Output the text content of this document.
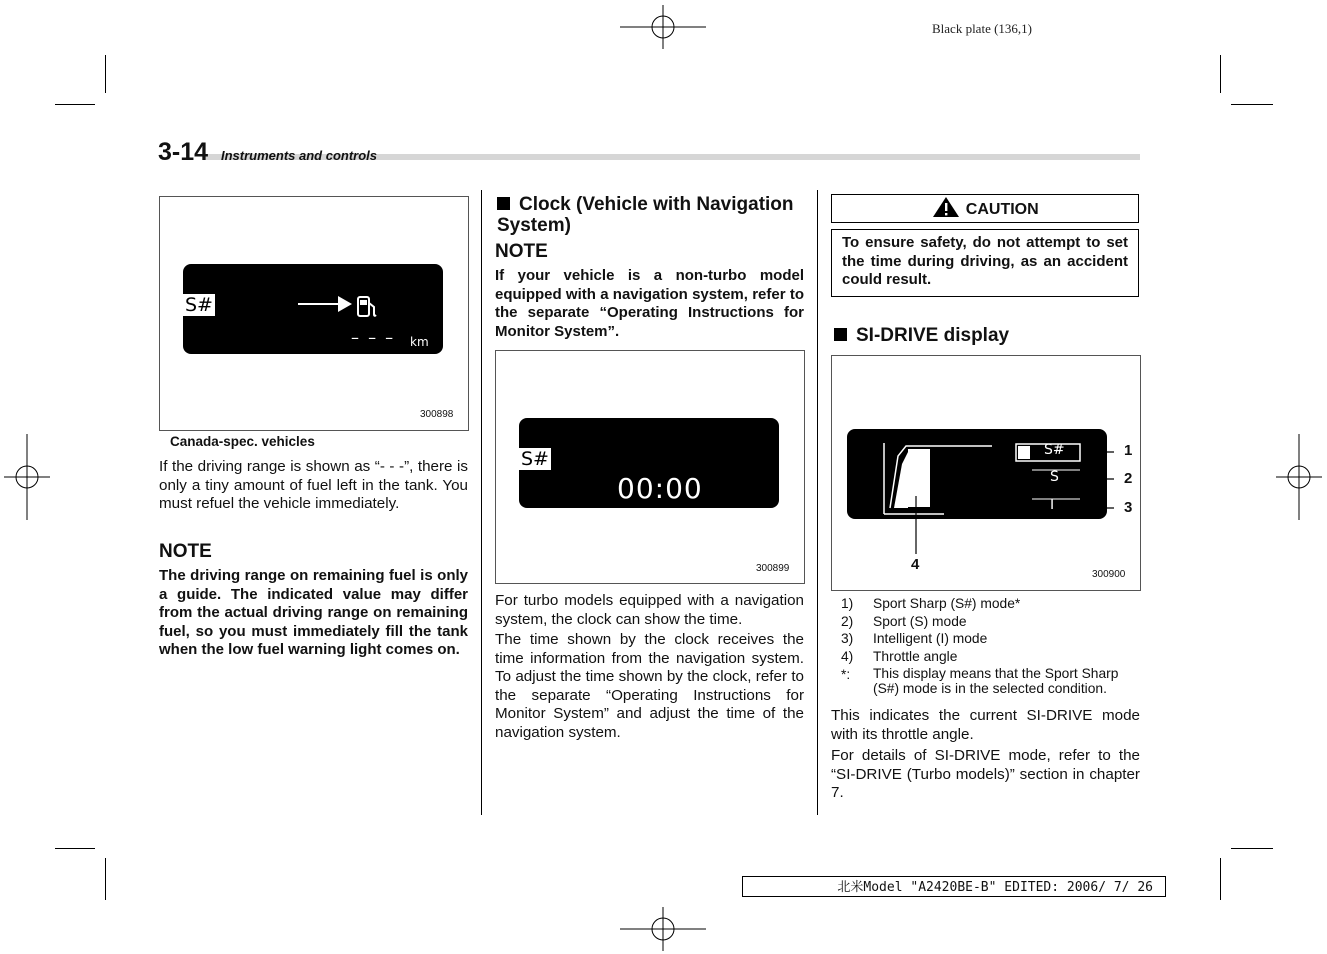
Black plate (136,1)
3-14 Instruments and controls
S#
– – – km
300898
Canada-spec. vehicles
If the driving range is shown as “- - -”, there is only a tiny amount of fuel left in the tank. You must refuel the vehicle immediately.
NOTE
The driving range on remaining fuel is only a guide. The indicated value may differ from the actual driving range on remaining fuel, so you must immediately fill the tank when the low fuel warning light comes on.
Clock (Vehicle with Navigation System)
NOTE
If your vehicle is a non-turbo model equipped with a navigation system, refer to the separate “Operating Instructions for Monitor System”.
S#
00:00
300899
For turbo models equipped with a navigation system, the clock can show the time.
The time shown by the clock receives the time information from the navigation system. To adjust the time shown by the clock, refer to the separate “Operating Instructions for Monitor System” and adjust the time of the navigation system.
CAUTION
To ensure safety, do not attempt to set the time during driving, as an accident could result.
SI-DRIVE display
S#
S
I
1
2
3
4
300900
1) Sport Sharp (S#) mode*
2) Sport (S) mode
3) Intelligent (I) mode
4) Throttle angle
*: This display means that the Sport Sharp (S#) mode is in the selected condition.
This indicates the current SI-DRIVE mode with its throttle angle.
For details of SI-DRIVE mode, refer to the “SI-DRIVE (Turbo models)” section in chapter 7.
北米Model "A2420BE-B" EDITED: 2006/ 7/ 26
